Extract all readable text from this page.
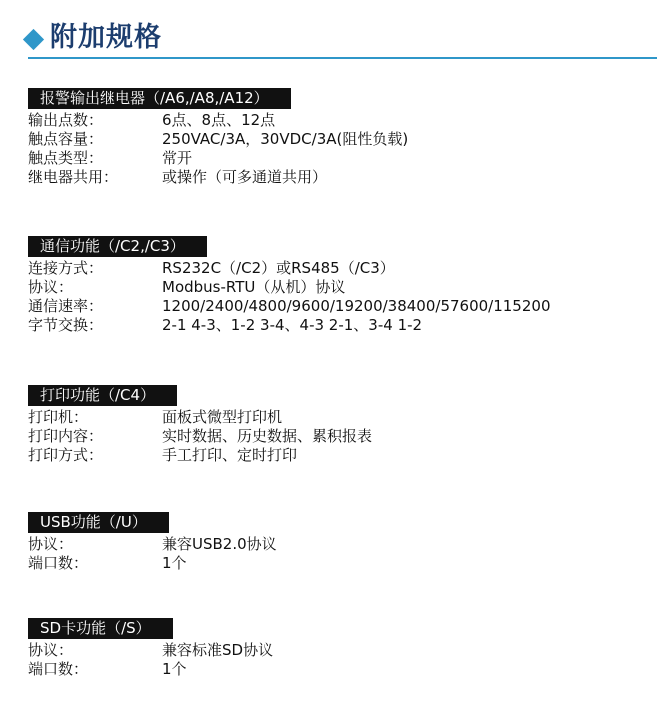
附加规格
报警输出继电器（/A6,/A8,/A12）
输出点数：	6点、8点、12点
触点容量：	250VAC/3A，30VDC/3A(阻性负载)
触点类型：	常开
继电器共用：	或操作（可多通道共用）
通信功能（/C2,/C3）
连接方式：	RS232C（/C2）或RS485（/C3）
协议：	Modbus-RTU（从机）协议
通信速率：	1200/2400/4800/9600/19200/38400/57600/115200
字节交换：	2-1 4-3、1-2 3-4、4-3 2-1、3-4 1-2
打印功能（/C4）
打印机：	面板式微型打印机
打印内容：	实时数据、历史数据、累积报表
打印方式：	手工打印、定时打印
USB功能（/U）
协议：	兼容USB2.0协议
端口数：	1个
SD卡功能（/S）
协议：	兼容标准SD协议
端口数：	1个
